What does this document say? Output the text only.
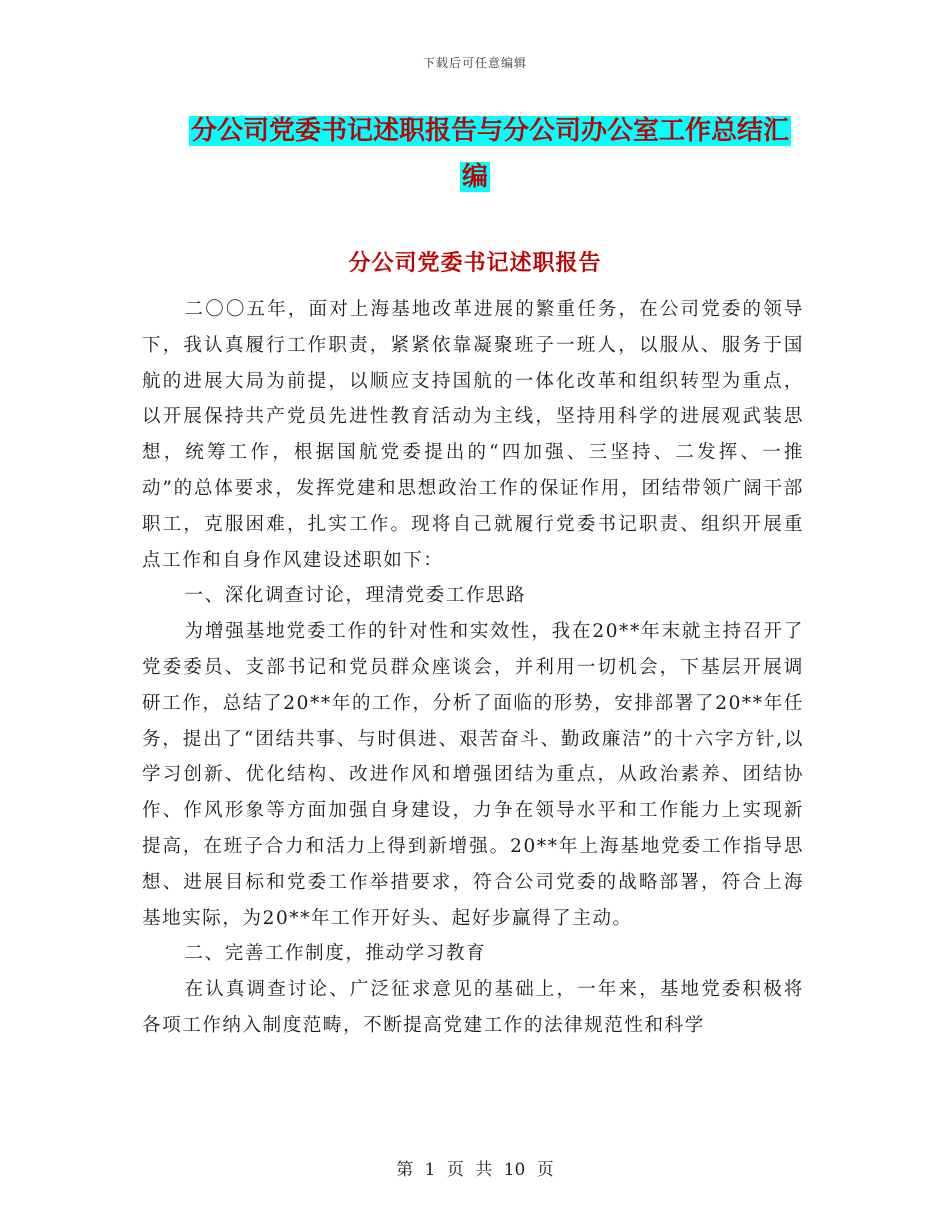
下载后可任意编辑
分公司党委书记述职报告与分公司办公室工作总结汇
编
分公司党委书记述职报告

二〇〇五年，面对上海基地改革进展的繁重任务，在公司党委的领导下，我认真履行工作职责，紧紧依靠凝聚班子一班人，以服从、服务于国航的进展大局为前提，以顺应支持国航的一体化改革和组织转型为重点，以开展保持共产党员先进性教育活动为主线，坚持用科学的进展观武装思想，统筹工作，根据国航党委提出的“四加强、三坚持、二发挥、一推动”的总体要求，发挥党建和思想政治工作的保证作用，团结带领广阔干部职工，克服困难，扎实工作。现将自己就履行党委书记职责、组织开展重点工作和自身作风建设述职如下：

一、深化调查讨论，理清党委工作思路

为增强基地党委工作的针对性和实效性，我在20**年末就主持召开了党委委员、支部书记和党员群众座谈会，并利用一切机会，下基层开展调研工作，总结了20**年的工作，分析了面临的形势，安排部署了20**年任务，提出了“团结共事、与时俱进、艰苦奋斗、勤政廉洁”的十六字方针,以学习创新、优化结构、改进作风和增强团结为重点，从政治素养、团结协作、作风形象等方面加强自身建设，力争在领导水平和工作能力上实现新提高，在班子合力和活力上得到新增强。20**年上海基地党委工作指导思想、进展目标和党委工作举措要求，符合公司党委的战略部署，符合上海基地实际，为20**年工作开好头、起好步赢得了主动。

二、完善工作制度，推动学习教育

在认真调查讨论、广泛征求意见的基础上，一年来，基地党委积极将各项工作纳入制度范畴，不断提高党建工作的法律规范性和科学

第 1 页 共 10 页
